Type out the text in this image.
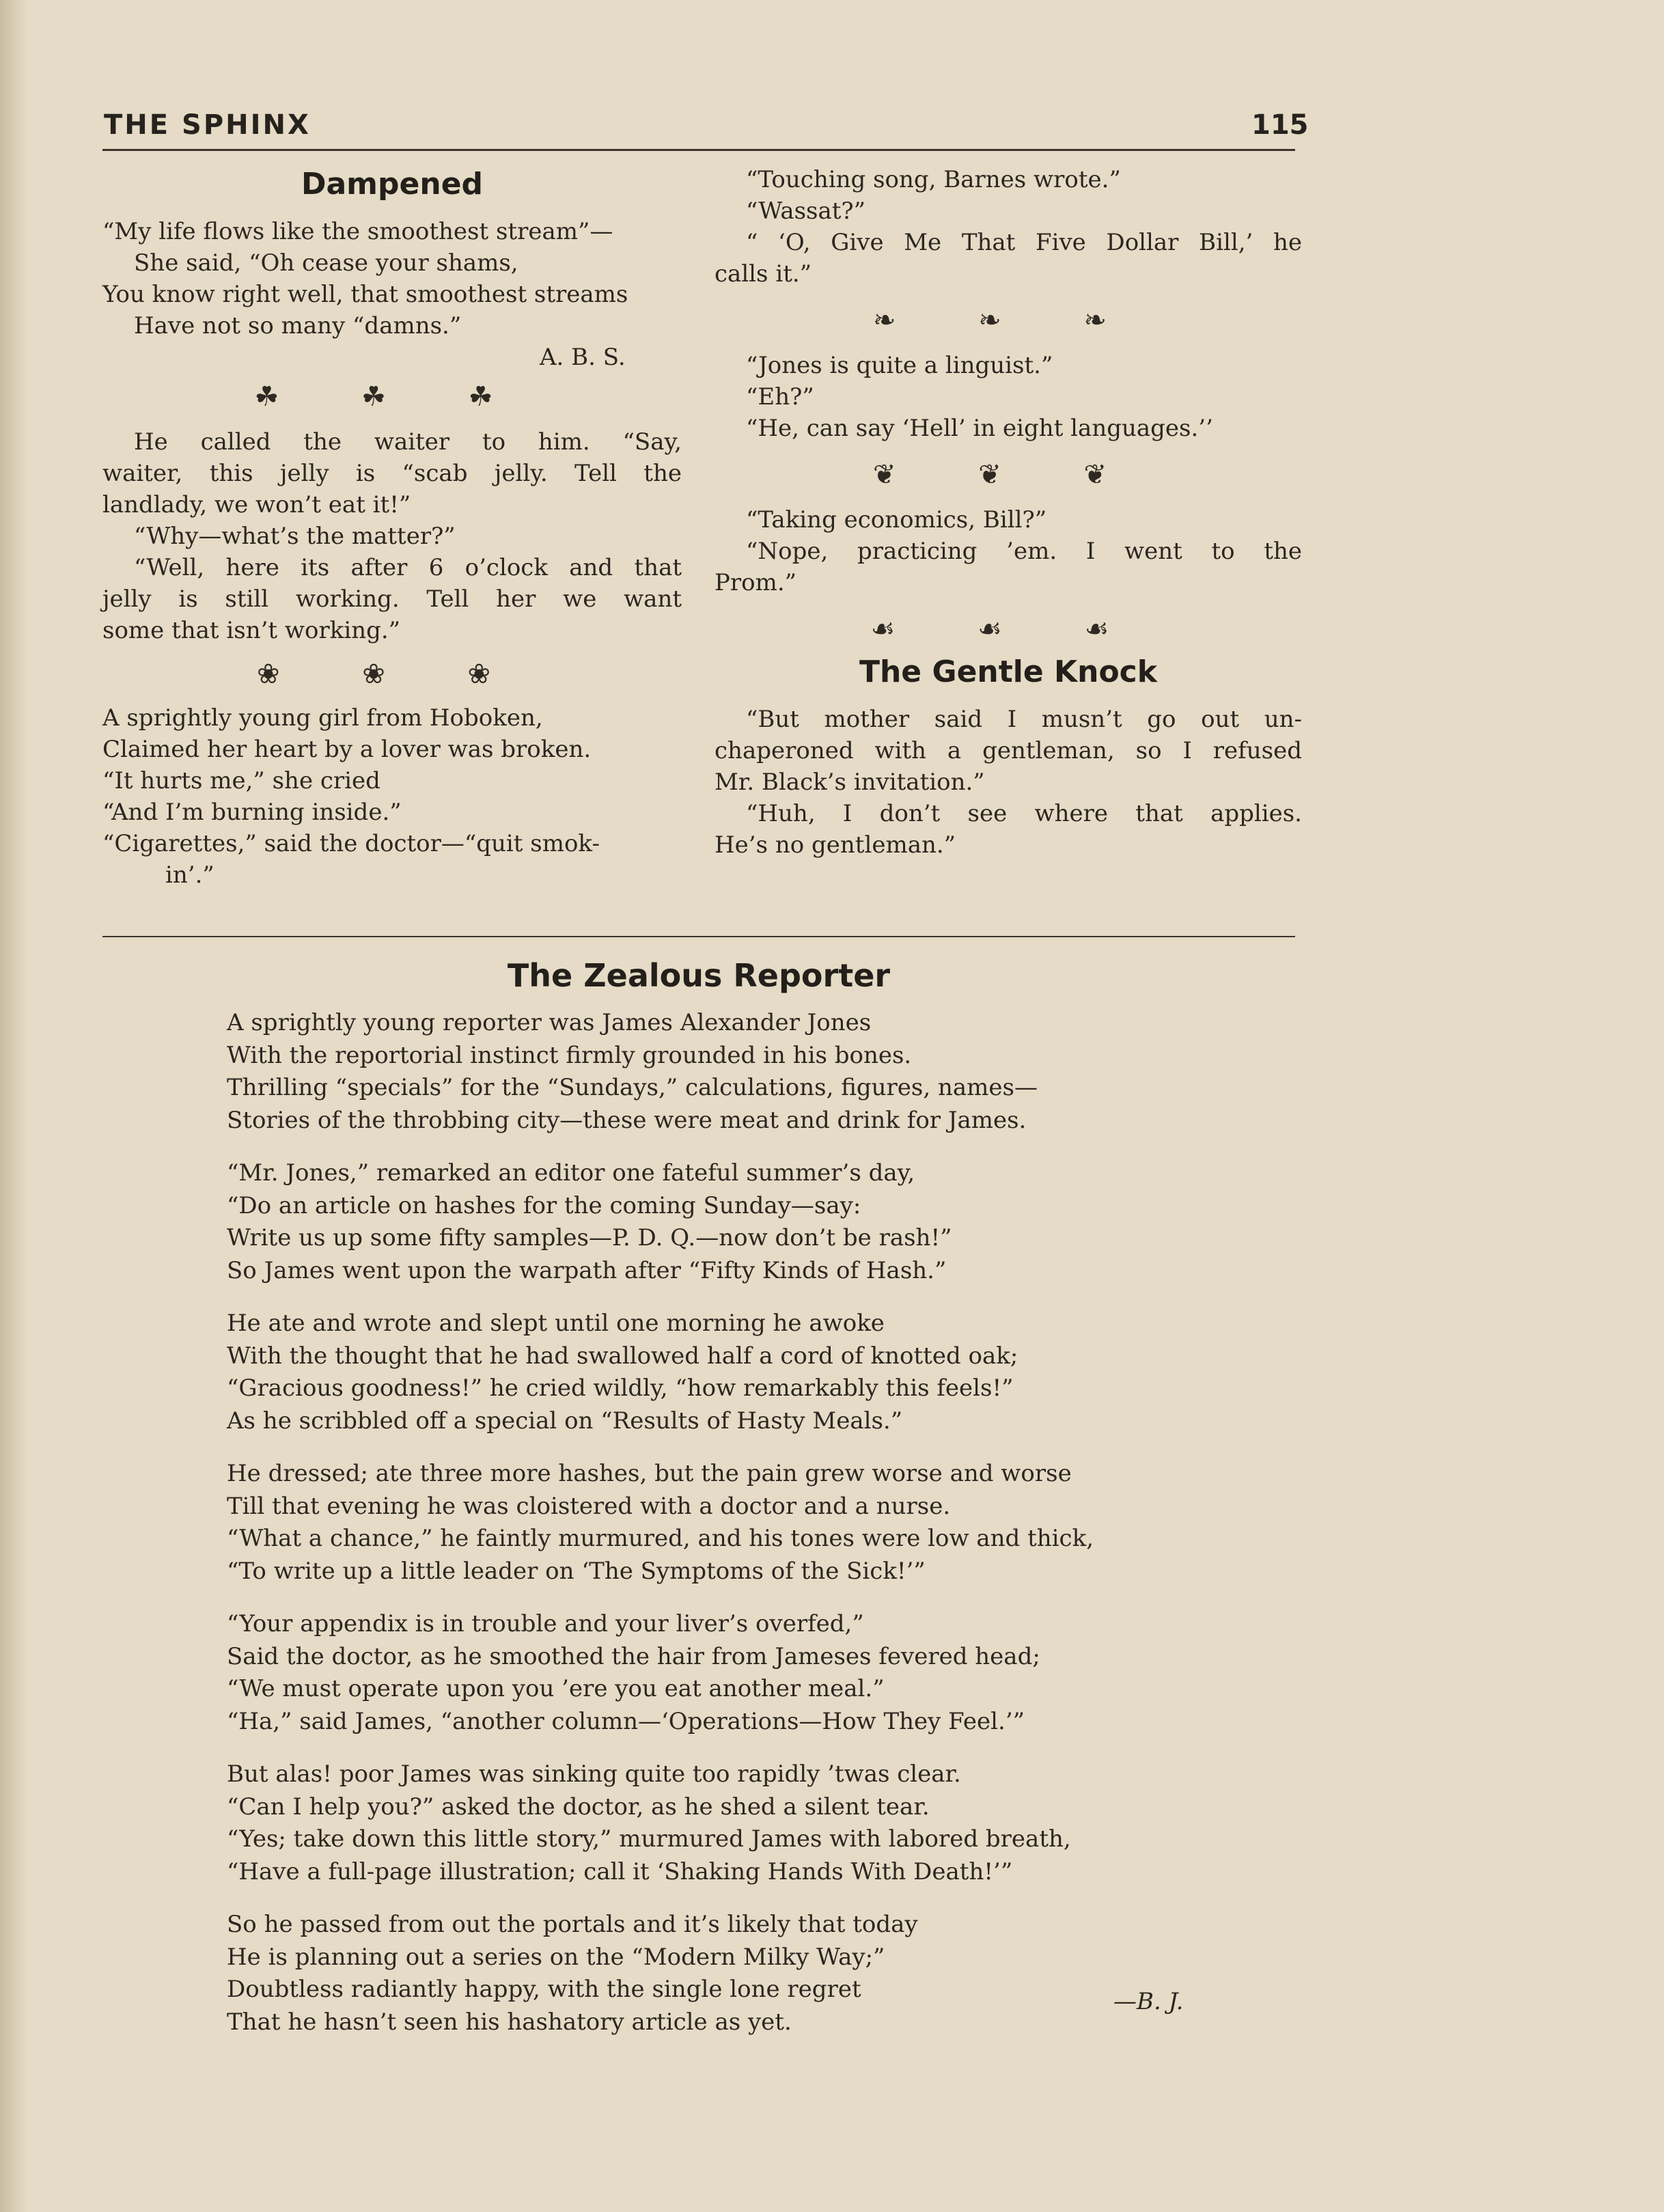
THE SPHINX	115
Dampened

“My life flows like the smoothest stream”—

She said, “Oh cease your shams,

You know right well, that smoothest streams

Have not so many “damns.”

A. B. S.

☘ ☘ ☘

He called the waiter to him. “Say,

waiter, this jelly is “scab jelly. Tell the

landlady, we won’t eat it!”

“Why—what’s the matter?”

“Well, here its after 6 o’clock and that

jelly is still working. Tell her we want

some that isn’t working.”

❀ ❀ ❀

A sprightly young girl from Hoboken,

Claimed her heart by a lover was broken.

“It hurts me,” she cried

“And I’m burning inside.”

“Cigarettes,” said the doctor—“quit smok-

in’.”

“Touching song, Barnes wrote.”

“Wassat?”

“ ‘O, Give Me That Five Dollar Bill,’ he

calls it.”

❧ ❧ ❧

“Jones is quite a linguist.”

“Eh?”

“He, can say ‘Hell’ in eight languages.’’

❦ ❦ ❦

“Taking economics, Bill?”

“Nope, practicing ’em. I went to the

Prom.”

☙ ☙ ☙
The Gentle Knock

“But mother said I musn’t go out un-

chaperoned with a gentleman, so I refused

Mr. Black’s invitation.”

“Huh, I don’t see where that applies.

He’s no gentleman.”

The Zealous Reporter

A sprightly young reporter was James Alexander Jones

With the reportorial instinct firmly grounded in his bones.

Thrilling “specials” for the “Sundays,” calculations, figures, names—

Stories of the throbbing city—these were meat and drink for James.

“Mr. Jones,” remarked an editor one fateful summer’s day,

“Do an article on hashes for the coming Sunday—say:

Write us up some fifty samples—P. D. Q.—now don’t be rash!”

So James went upon the warpath after “Fifty Kinds of Hash.”

He ate and wrote and slept until one morning he awoke

With the thought that he had swallowed half a cord of knotted oak;

“Gracious goodness!” he cried wildly, “how remarkably this feels!”

As he scribbled off a special on “Results of Hasty Meals.”

He dressed; ate three more hashes, but the pain grew worse and worse

Till that evening he was cloistered with a doctor and a nurse.

“What a chance,” he faintly murmured, and his tones were low and thick,

“To write up a little leader on ‘The Symptoms of the Sick!’”

“Your appendix is in trouble and your liver’s overfed,”

Said the doctor, as he smoothed the hair from Jameses fevered head;

“We must operate upon you ’ere you eat another meal.”

“Ha,” said James, “another column—‘Operations—How They Feel.’”

But alas! poor James was sinking quite too rapidly ’twas clear.

“Can I help you?” asked the doctor, as he shed a silent tear.

“Yes; take down this little story,” murmured James with labored breath,

“Have a full-page illustration; call it ‘Shaking Hands With Death!’”

So he passed from out the portals and it’s likely that today

He is planning out a series on the “Modern Milky Way;”

Doubtless radiantly happy, with the single lone regret

That he hasn’t seen his hashatory article as yet.

—B. J.
